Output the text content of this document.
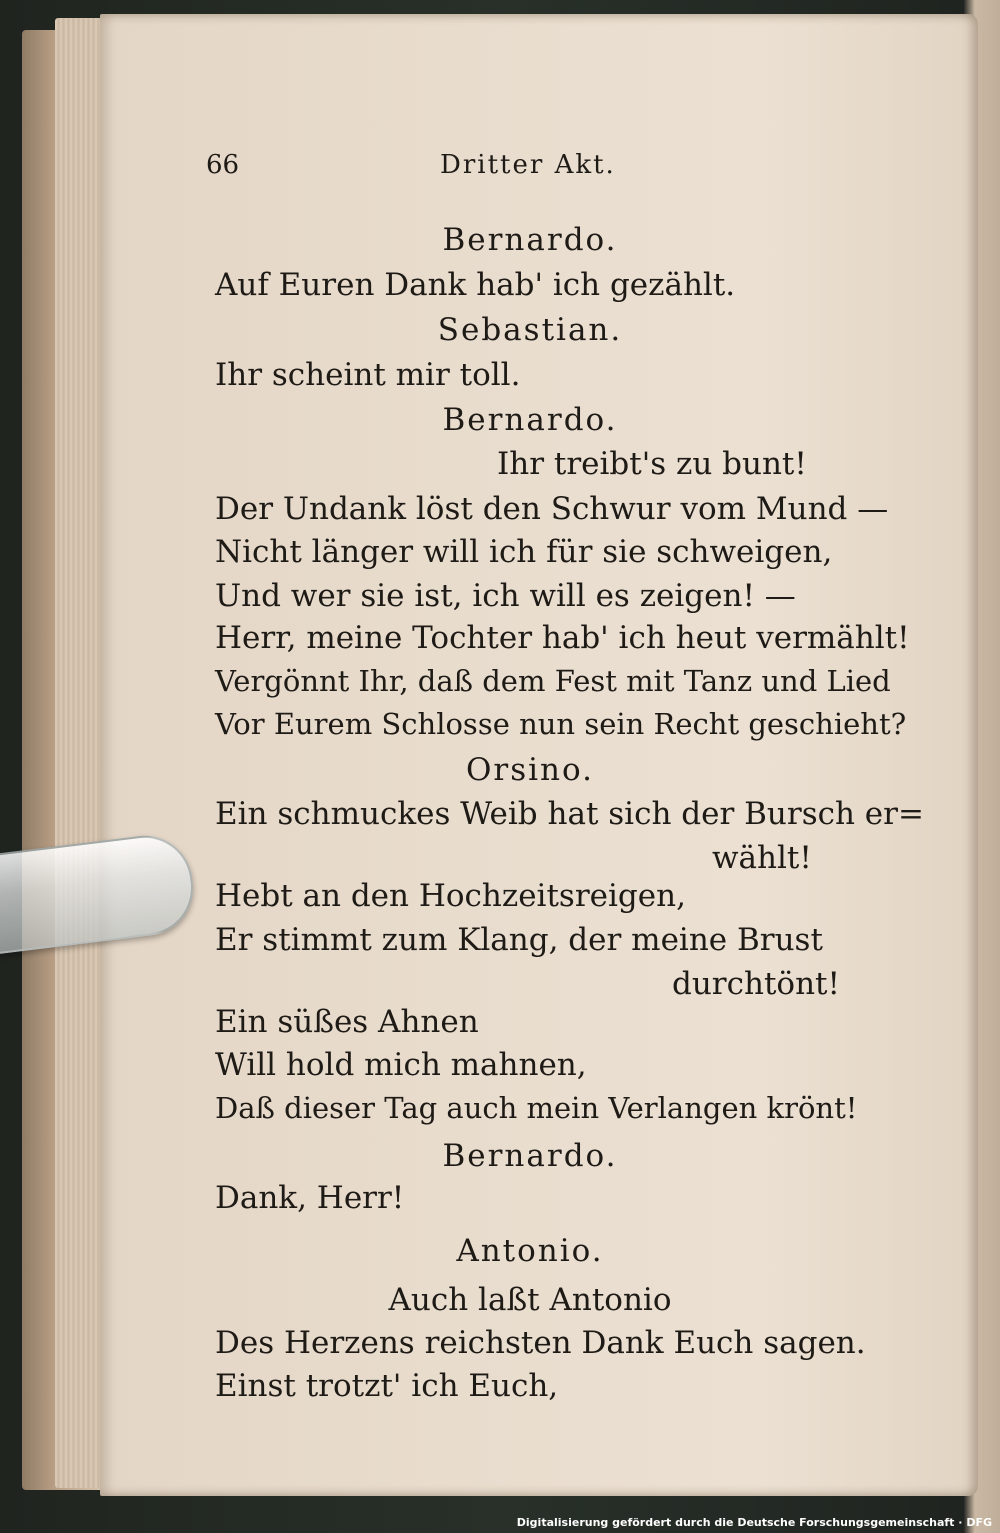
66	Dritter Akt.
Bernardo.
Auf Euren Dank hab' ich gezählt.
Sebastian.
Ihr scheint mir toll.
Bernardo.
Ihr treibt's zu bunt!
Der Undank löst den Schwur vom Mund —
Nicht länger will ich für sie schweigen,
Und wer sie ist, ich will es zeigen! —
Herr, meine Tochter hab' ich heut vermählt!
Vergönnt Ihr, daß dem Fest mit Tanz und Lied
Vor Eurem Schlosse nun sein Recht geschieht?
Orsino.
Ein schmuckes Weib hat sich der Bursch er=
wählt!
Hebt an den Hochzeitsreigen,
Er stimmt zum Klang, der meine Brust
durchtönt!
Ein süßes Ahnen
Will hold mich mahnen,
Daß dieser Tag auch mein Verlangen krönt!
Bernardo.
Dank, Herr!
Antonio.
Auch laßt Antonio
Des Herzens reichsten Dank Euch sagen.
Einst trotzt' ich Euch,
Digitalisierung gefördert durch die Deutsche Forschungsgemeinschaft · DFG
